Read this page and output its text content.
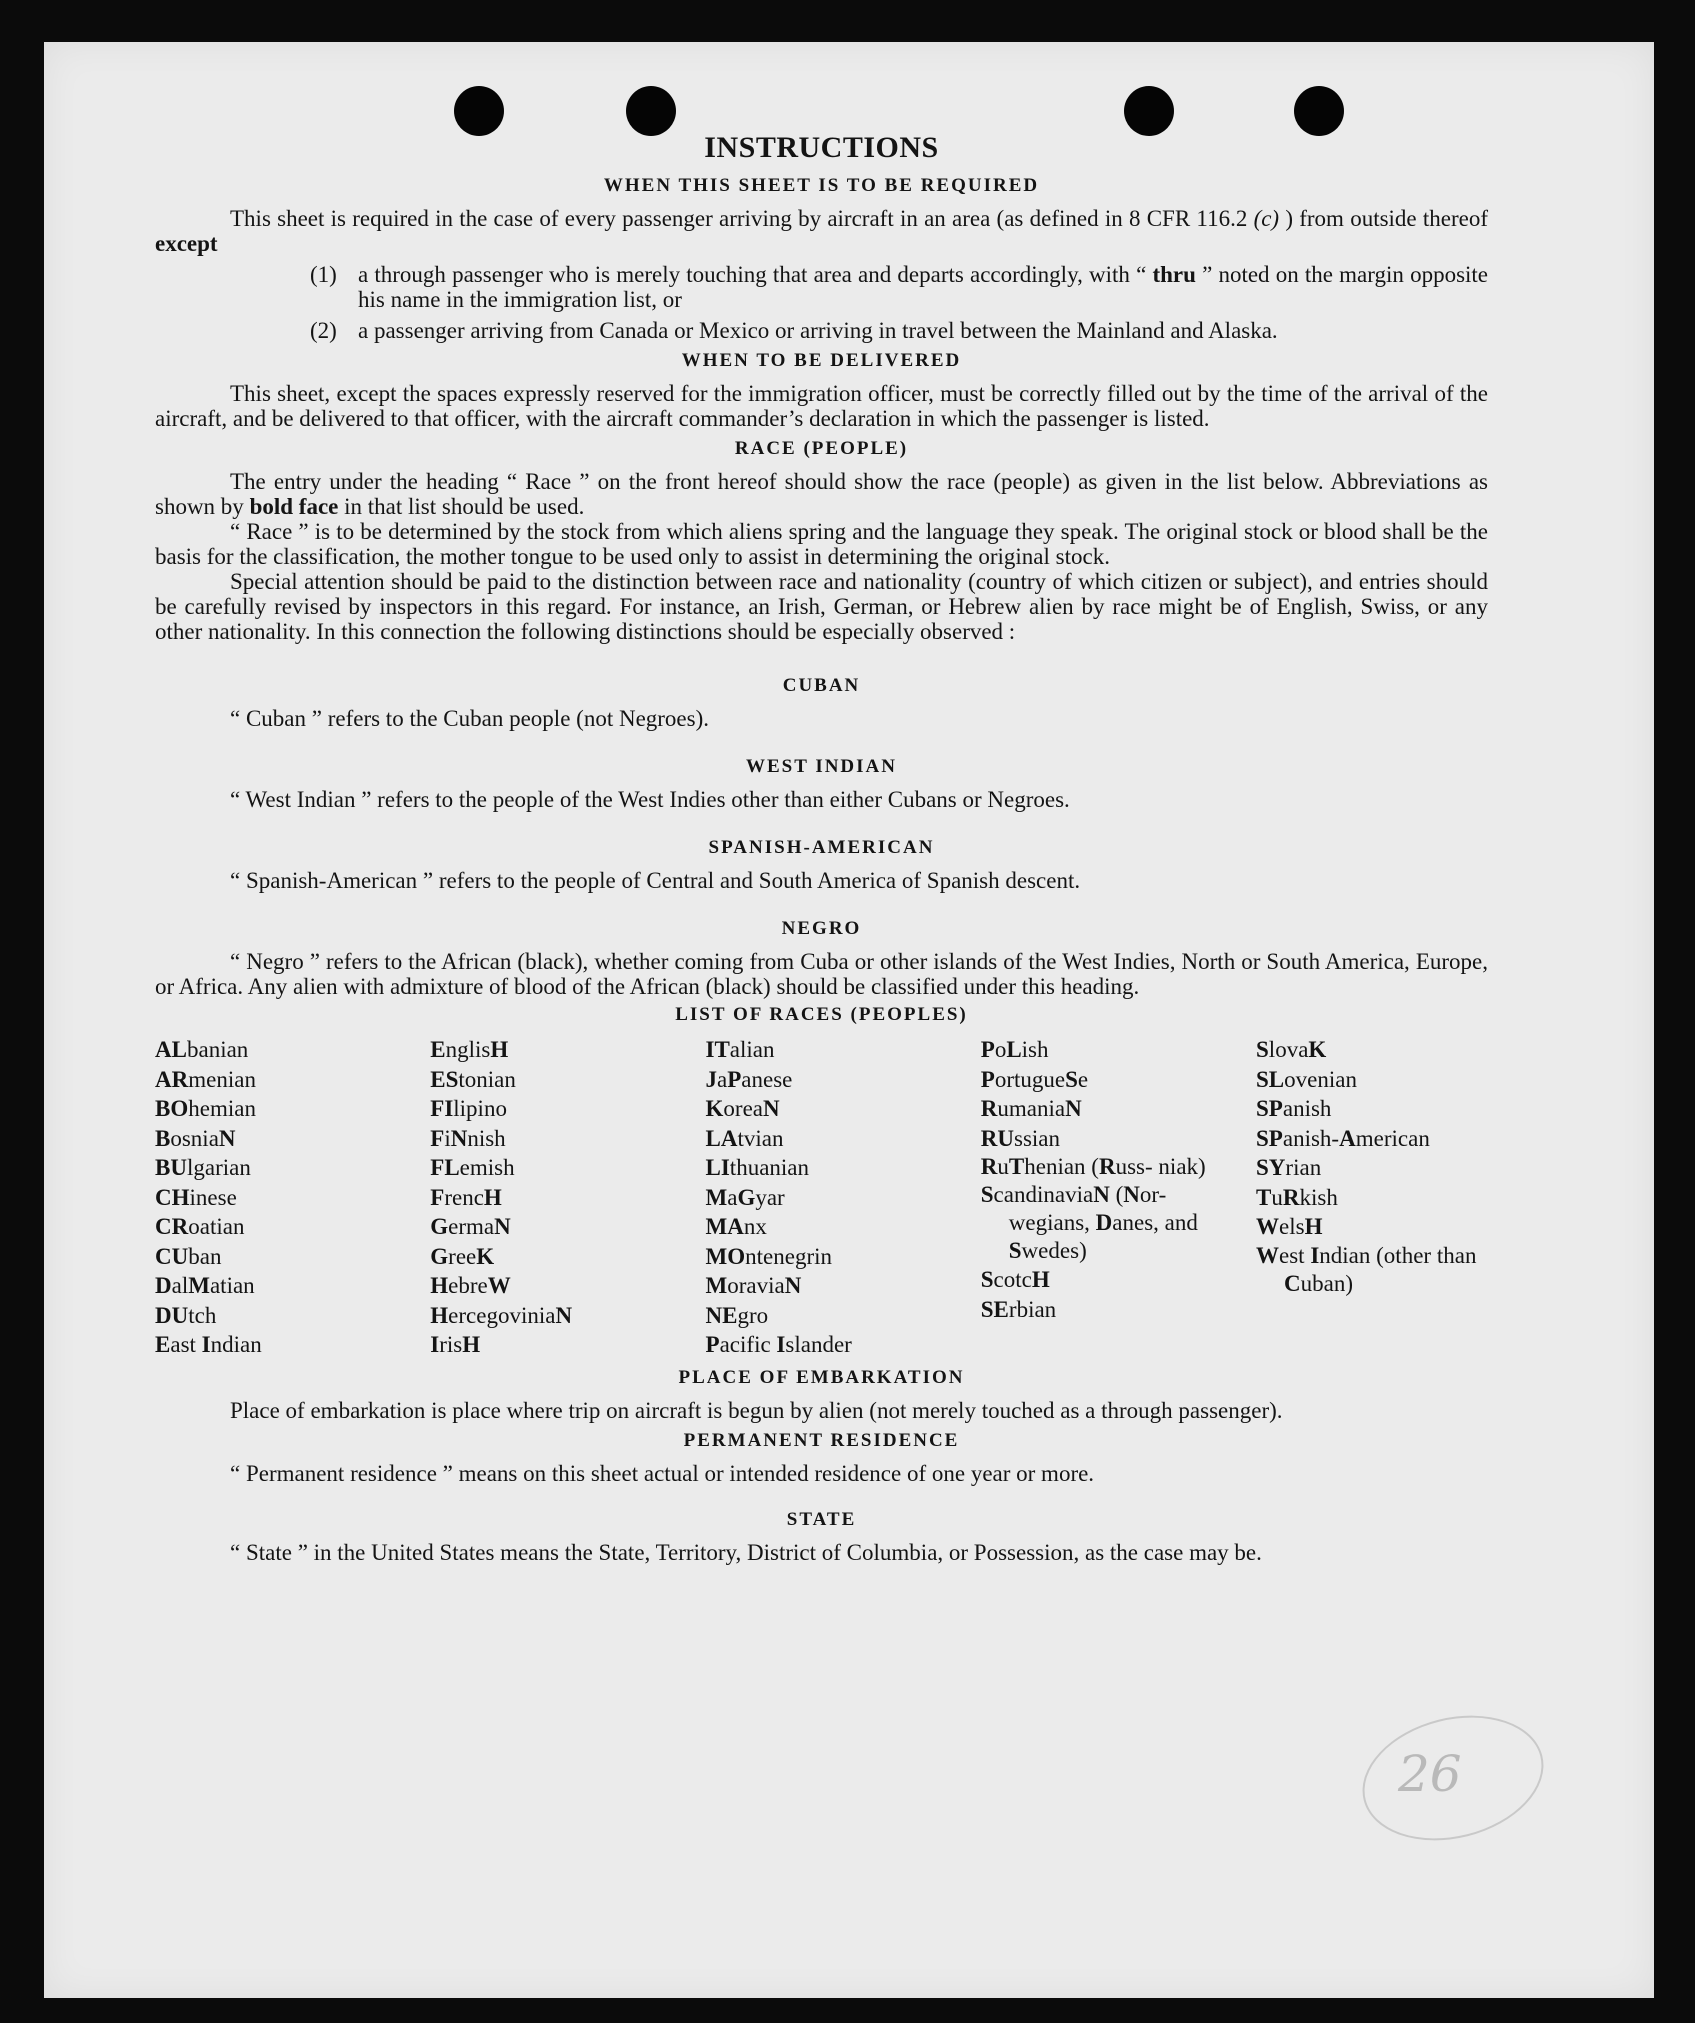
INSTRUCTIONS
WHEN THIS SHEET IS TO BE REQUIRED

This sheet is required in the case of every passenger arriving by aircraft in an area (as defined in 8 CFR 116.2 (c) ) from outside thereof except

(1) a through passenger who is merely touching that area and departs accordingly, with “ thru ” noted on the margin opposite his name in the immigration list, or
(2) a passenger arriving from Canada or Mexico or arriving in travel between the Mainland and Alaska.
WHEN TO BE DELIVERED

This sheet, except the spaces expressly reserved for the immigration officer, must be correctly filled out by the time of the arrival of the aircraft, and be delivered to that officer, with the aircraft commander’s declaration in which the passenger is listed.

RACE (PEOPLE)

The entry under the heading “ Race ” on the front hereof should show the race (people) as given in the list below. Abbreviations as shown by bold face in that list should be used.

“ Race ” is to be determined by the stock from which aliens spring and the language they speak. The original stock or blood shall be the basis for the classification, the mother tongue to be used only to assist in determining the original stock.

Special attention should be paid to the distinction between race and nationality (country of which citizen or subject), and entries should be carefully revised by inspectors in this regard. For instance, an Irish, German, or Hebrew alien by race might be of English, Swiss, or any other nationality. In this connection the following distinctions should be especially observed :

CUBAN

“ Cuban ” refers to the Cuban people (not Negroes).

WEST INDIAN

“ West Indian ” refers to the people of the West Indies other than either Cubans or Negroes.

SPANISH-AMERICAN

“ Spanish-American ” refers to the people of Central and South America of Spanish descent.

NEGRO

“ Negro ” refers to the African (black), whether coming from Cuba or other islands of the West Indies, North or South America, Europe, or Africa. Any alien with admixture of blood of the African (black) should be classified under this heading.

LIST OF RACES (PEOPLES)
ALbanian
ARmenian
BOhemian
BosniaN
BUlgarian
CHinese
CRoatian
CUban
DalMatian
DUtch
East Indian
EnglisH
EStonian
FIlipino
FiNnish
FLemish
FrencH
GermaN
GreeK
HebreW
HercegoviniaN
IrisH
ITalian
JaPanese
KoreaN
LAtvian
LIthuanian
MaGyar
MAnx
MOntenegrin
MoraviaN
NEgro
Pacific Islander
PoLish
PortugueSe
RumaniaN
RUssian
RuThenian (Russ- niak)
ScandinaviaN (Nor- wegians, Danes, and Swedes)
ScotcH
SErbian
SlovaK
SLovenian
SPanish
SPanish-American
SYrian
TuRkish
WelsH
West Indian (other than Cuban)
PLACE OF EMBARKATION

Place of embarkation is place where trip on aircraft is begun by alien (not merely touched as a through passenger).

PERMANENT RESIDENCE

“ Permanent residence ” means on this sheet actual or intended residence of one year or more.

STATE

“ State ” in the United States means the State, Territory, District of Columbia, or Possession, as the case may be.

26
